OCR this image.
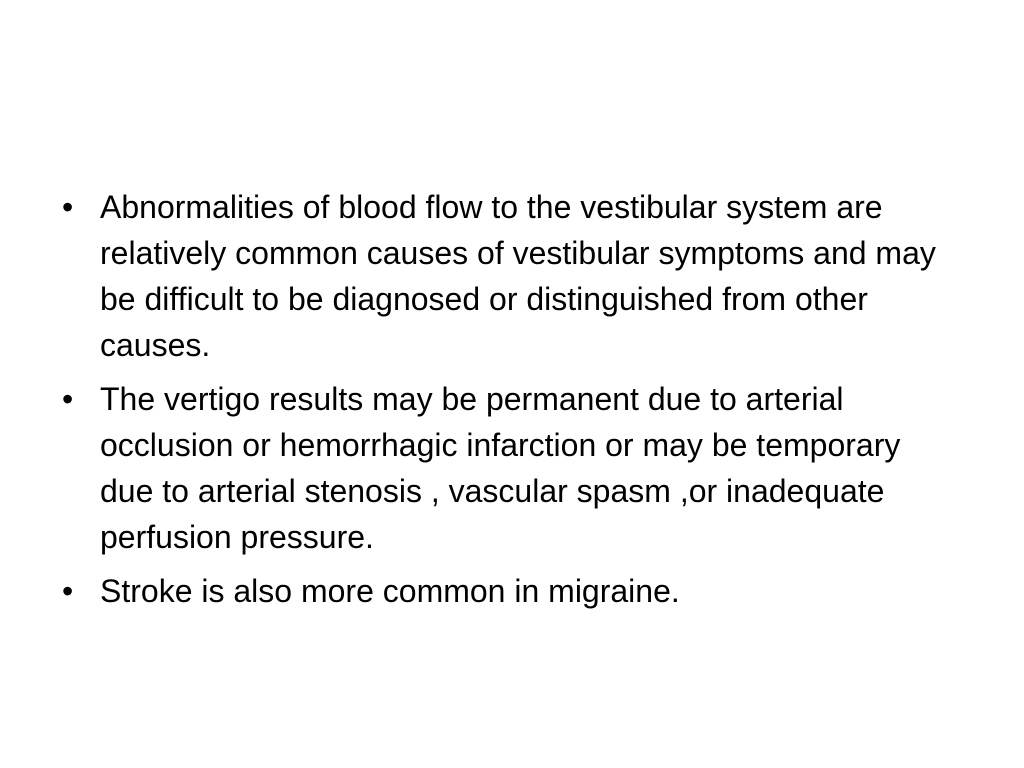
• Abnormalities of blood flow to the vestibular system are relatively common causes of vestibular symptoms and may be difficult to be diagnosed or distinguished from other causes.
• The vertigo results may be permanent due to arterial occlusion or hemorrhagic infarction or may be temporary due to arterial stenosis , vascular spasm ,or inadequate perfusion pressure.
• Stroke is also more common in migraine.
